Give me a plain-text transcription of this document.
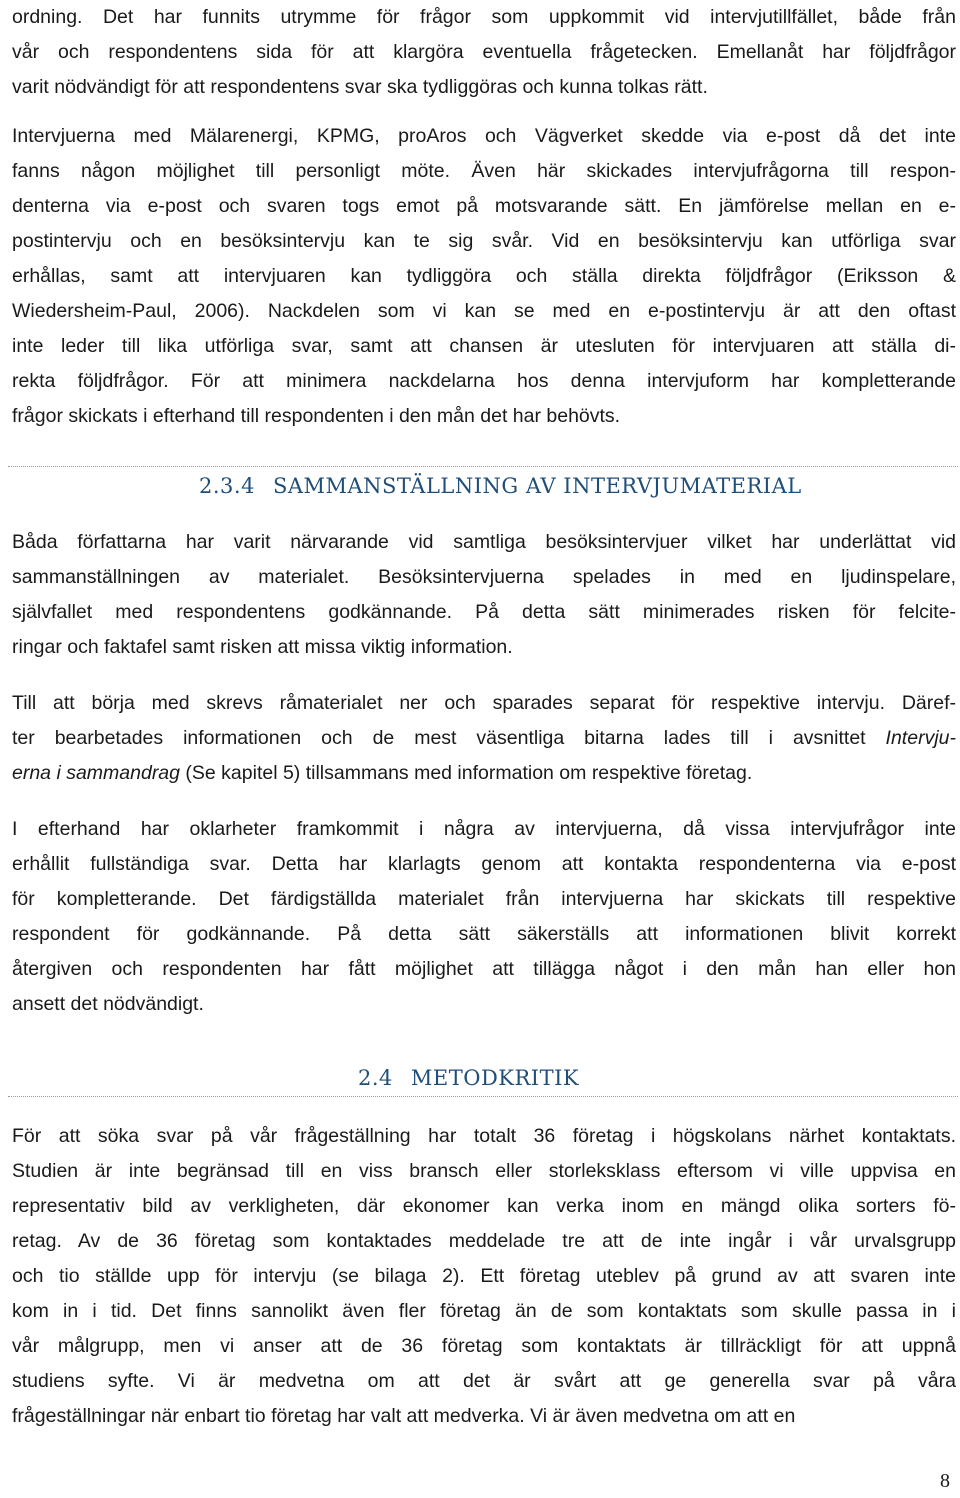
ordning. Det har funnits utrymme för frågor som uppkommit vid intervjutillfället, både från
vår och respondentens sida för att klargöra eventuella frågetecken. Emellanåt har följdfrågor
varit nödvändigt för att respondentens svar ska tydliggöras och kunna tolkas rätt.
Intervjuerna med Mälarenergi, KPMG, proAros och Vägverket skedde via e-post då det inte
fanns någon möjlighet till personligt möte. Även här skickades intervjufrågorna till respon-
denterna via e-post och svaren togs emot på motsvarande sätt. En jämförelse mellan en e-
postintervju och en besöksintervju kan te sig svår. Vid en besöksintervju kan utförliga svar
erhållas, samt att intervjuaren kan tydliggöra och ställa direkta följdfrågor (Eriksson &
Wiedersheim-Paul, 2006). Nackdelen som vi kan se med en e-postintervju är att den oftast
inte leder till lika utförliga svar, samt att chansen är utesluten för intervjuaren att ställa di-
rekta följdfrågor. För att minimera nackdelarna hos denna intervjuform har kompletterande
frågor skickats i efterhand till respondenten i den mån det har behövts.
2.3.4 SAMMANSTÄLLNING AV INTERVJUMATERIAL
Båda författarna har varit närvarande vid samtliga besöksintervjuer vilket har underlättat vid
sammanställningen av materialet. Besöksintervjuerna spelades in med en ljudinspelare,
självfallet med respondentens godkännande. På detta sätt minimerades risken för felcite-
ringar och faktafel samt risken att missa viktig information.
Till att börja med skrevs råmaterialet ner och sparades separat för respektive intervju. Däref-
ter bearbetades informationen och de mest väsentliga bitarna lades till i avsnittet Intervju-
erna i sammandrag (Se kapitel 5) tillsammans med information om respektive företag.
I efterhand har oklarheter framkommit i några av intervjuerna, då vissa intervjufrågor inte
erhållit fullständiga svar. Detta har klarlagts genom att kontakta respondenterna via e-post
för kompletterande. Det färdigställda materialet från intervjuerna har skickats till respektive
respondent för godkännande. På detta sätt säkerställs att informationen blivit korrekt
återgiven och respondenten har fått möjlighet att tillägga något i den mån han eller hon
ansett det nödvändigt.
2.4 METODKRITIK
För att söka svar på vår frågeställning har totalt 36 företag i högskolans närhet kontaktats.
Studien är inte begränsad till en viss bransch eller storleksklass eftersom vi ville uppvisa en
representativ bild av verkligheten, där ekonomer kan verka inom en mängd olika sorters fö-
retag. Av de 36 företag som kontaktades meddelade tre att de inte ingår i vår urvalsgrupp
och tio ställde upp för intervju (se bilaga 2). Ett företag uteblev på grund av att svaren inte
kom in i tid. Det finns sannolikt även fler företag än de som kontaktats som skulle passa in i
vår målgrupp, men vi anser att de 36 företag som kontaktats är tillräckligt för att uppnå
studiens syfte. Vi är medvetna om att det är svårt att ge generella svar på våra
frågeställningar när enbart tio företag har valt att medverka. Vi är även medvetna om att en
8
